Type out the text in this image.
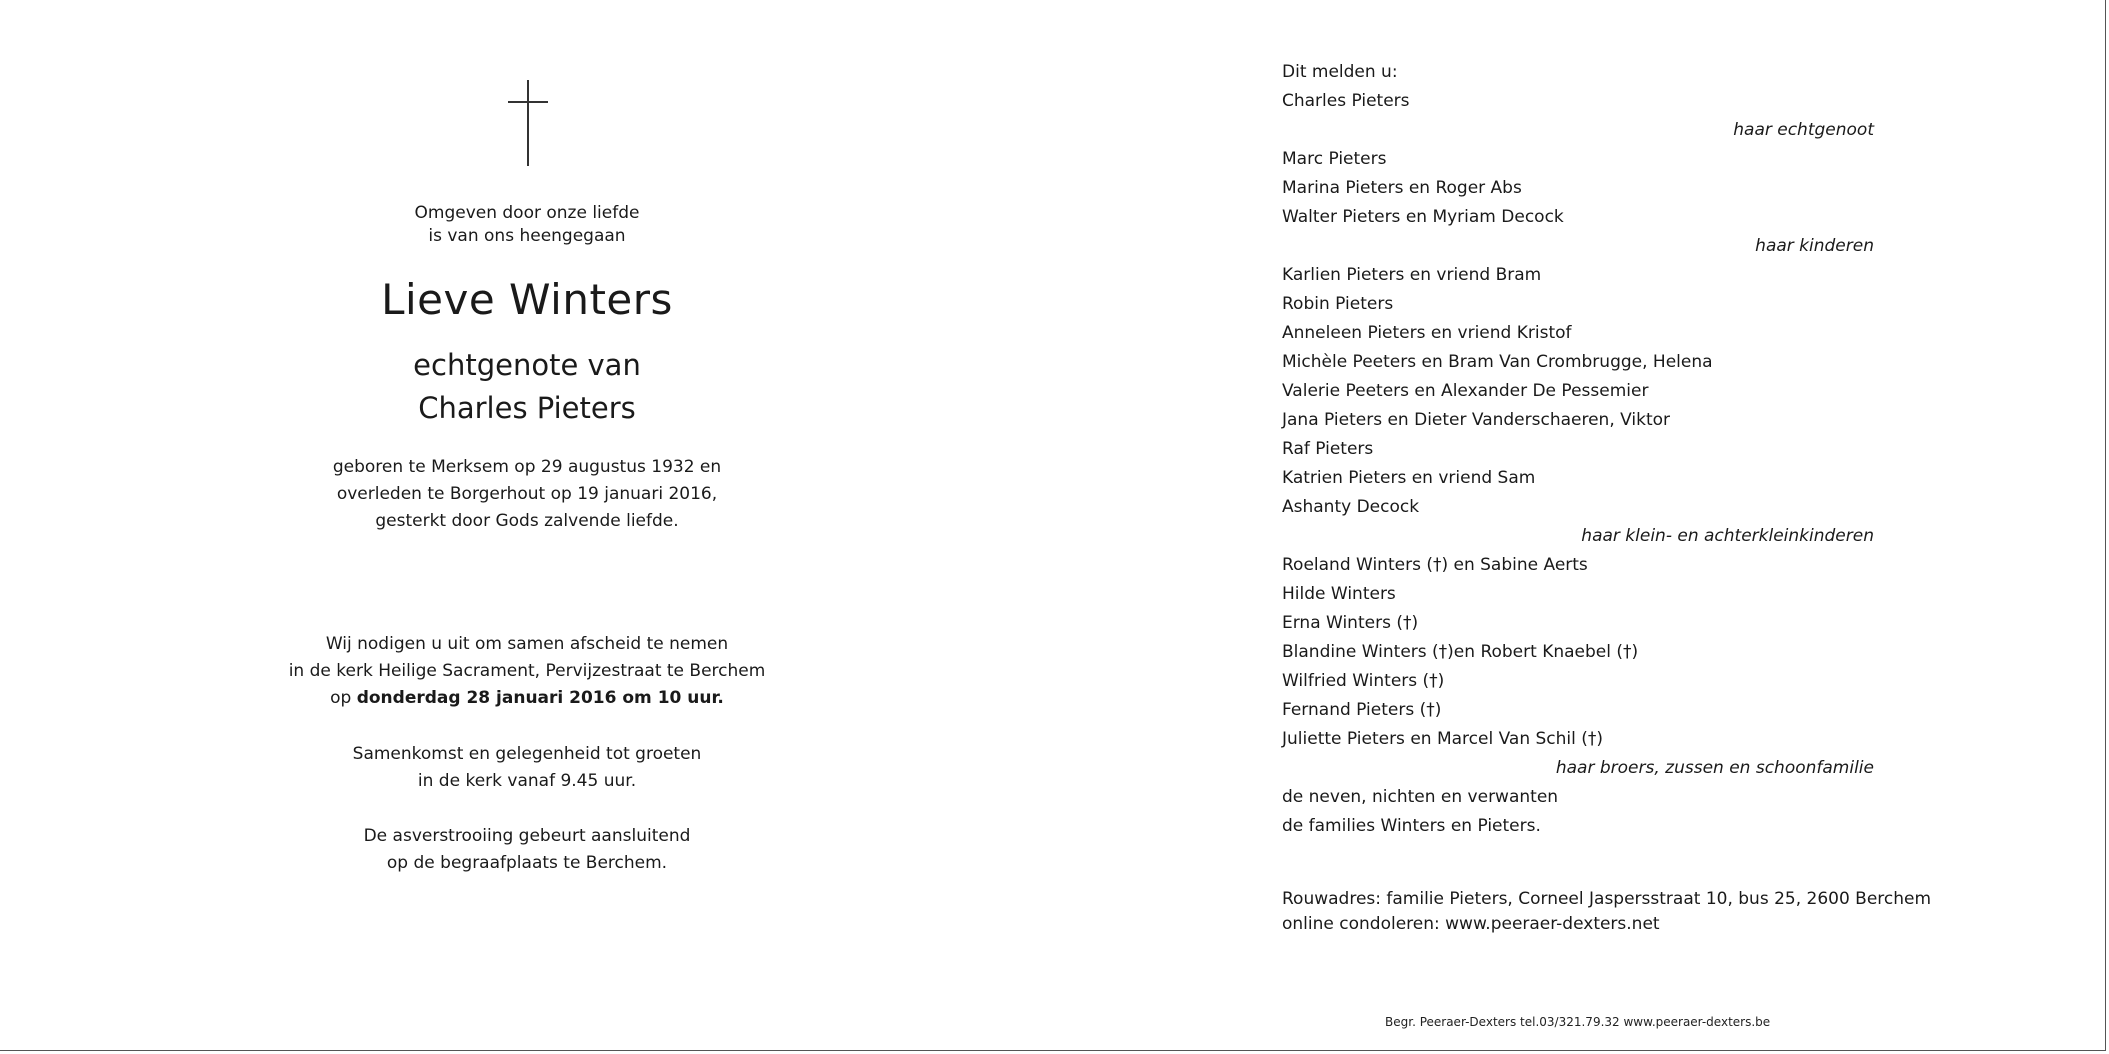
Omgeven door onze liefde
is van ons heengegaan
Lieve Winters
echtgenote van
Charles Pieters
geboren te Merksem op 29 augustus 1932 en
overleden te Borgerhout op 19 januari 2016,
gesterkt door Gods zalvende liefde.
Wij nodigen u uit om samen afscheid te nemen
in de kerk Heilige Sacrament, Pervijzestraat te Berchem
op donderdag 28 januari 2016 om 10 uur.
Samenkomst en gelegenheid tot groeten
in de kerk vanaf 9.45 uur.
De asverstrooiing gebeurt aansluitend
op de begraafplaats te Berchem.
Dit melden u:
Charles Pieters
haar echtgenoot
Marc Pieters
Marina Pieters en Roger Abs
Walter Pieters en Myriam Decock
haar kinderen
Karlien Pieters en vriend Bram
Robin Pieters
Anneleen Pieters en vriend Kristof
Michèle Peeters en Bram Van Crombrugge, Helena
Valerie Peeters en Alexander De Pessemier
Jana Pieters en Dieter Vanderschaeren, Viktor
Raf Pieters
Katrien Pieters en vriend Sam
Ashanty Decock
haar klein- en achterkleinkinderen
Roeland Winters (†) en Sabine Aerts
Hilde Winters
Erna Winters (†)
Blandine Winters (†)en Robert Knaebel (†)
Wilfried Winters (†)
Fernand Pieters (†)
Juliette Pieters en Marcel Van Schil (†)
haar broers, zussen en schoonfamilie
de neven, nichten en verwanten
de families Winters en Pieters.
Rouwadres: familie Pieters, Corneel Jaspersstraat 10, bus 25, 2600 Berchem
online condoleren: www.peeraer-dexters.net
Begr. Peeraer-Dexters tel.03/321.79.32 www.peeraer-dexters.be
